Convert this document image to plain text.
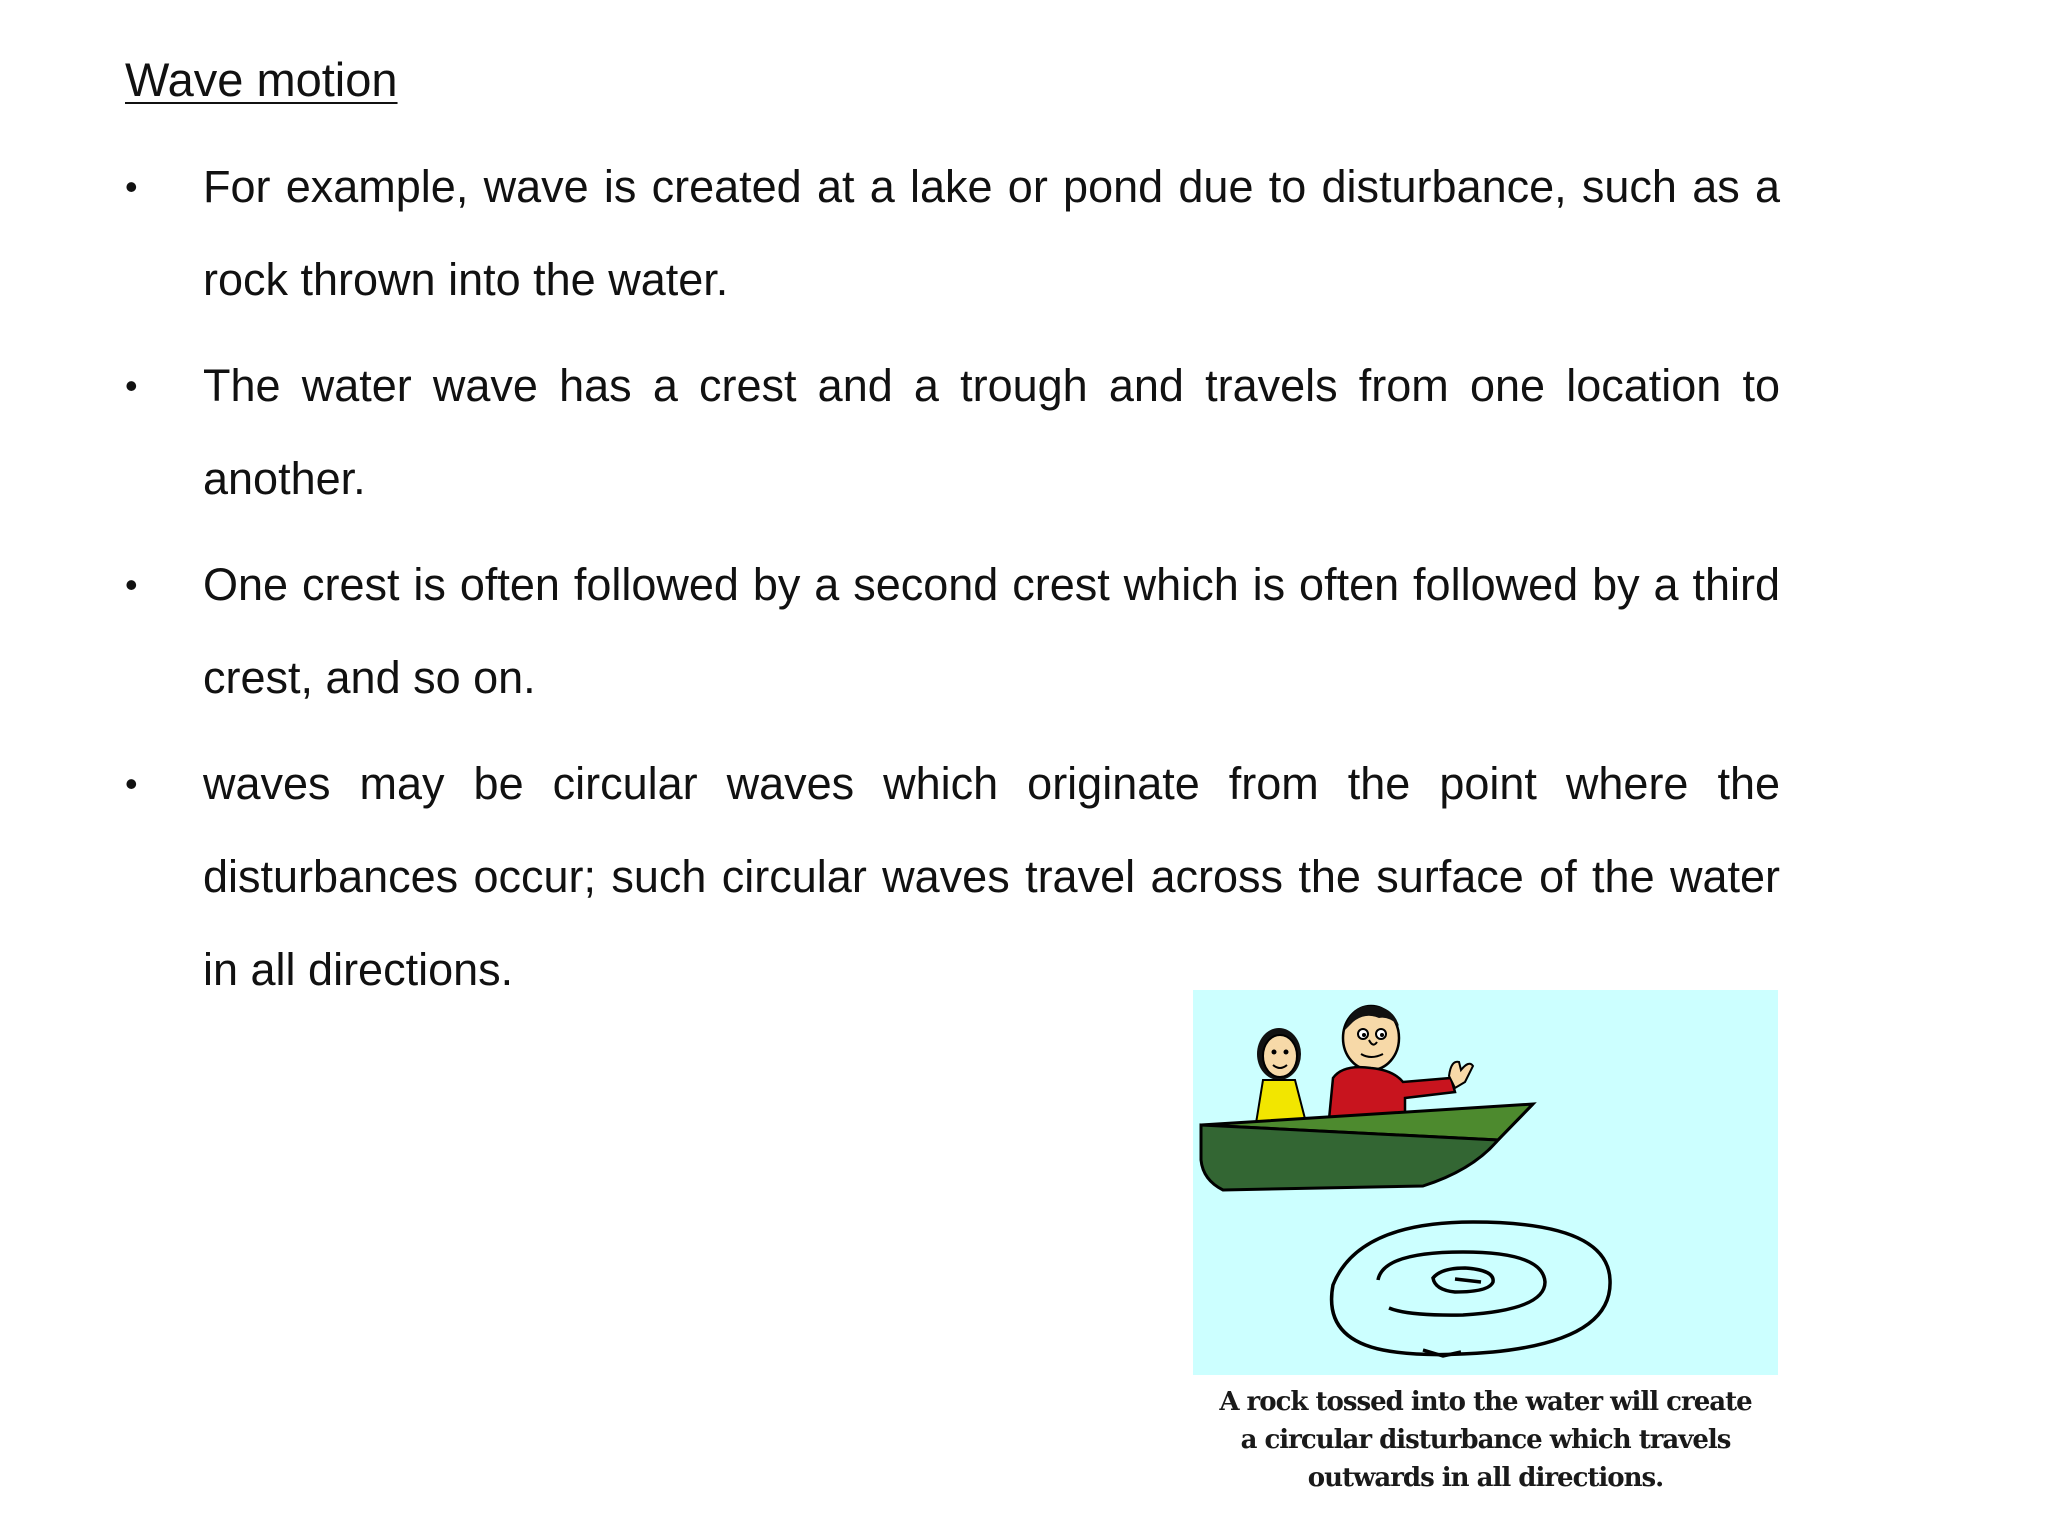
Wave motion
• For example, wave is created at a lake or pond due to disturbance, such as a rock thrown into the water.
• The water wave has a crest and a trough and travels from one location to another.
• One crest is often followed by a second crest which is often followed by a third crest, and so on.
• waves may be circular waves which originate from the point where the disturbances occur; such circular waves travel across the surface of the water in all directions.
A rock tossed into the water will create
a circular disturbance which travels
outwards in all directions.
